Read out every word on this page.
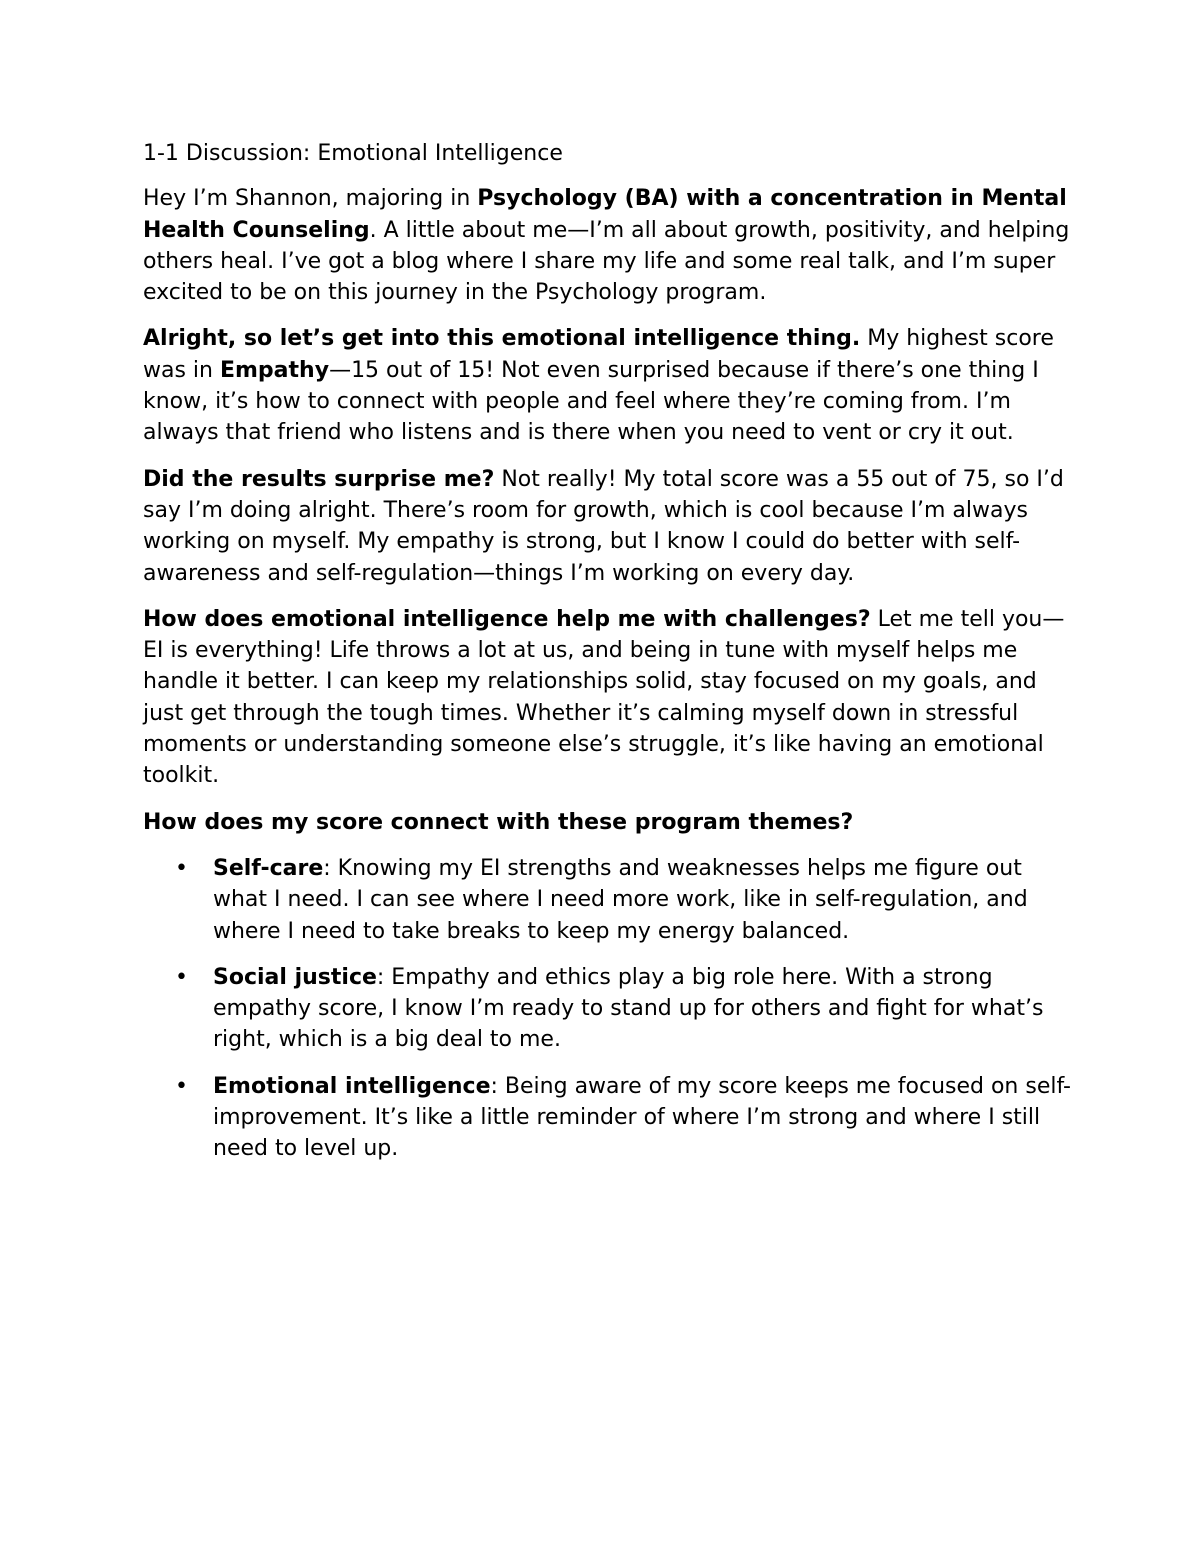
1-1 Discussion: Emotional Intelligence

Hey I’m Shannon, majoring in Psychology (BA) with a concentration in Mental Health Counseling. A little about me—I’m all about growth, positivity, and helping others heal. I’ve got a blog where I share my life and some real talk, and I’m super excited to be on this journey in the Psychology program.

Alright, so let’s get into this emotional intelligence thing. My highest score was in Empathy—15 out of 15! Not even surprised because if there’s one thing I know, it’s how to connect with people and feel where they’re coming from. I’m always that friend who listens and is there when you need to vent or cry it out.

Did the results surprise me? Not really! My total score was a 55 out of 75, so I’d say I’m doing alright. There’s room for growth, which is cool because I’m always working on myself. My empathy is strong, but I know I could do better with self-awareness and self-regulation—things I’m working on every day.

How does emotional intelligence help me with challenges? Let me tell you—EI is everything! Life throws a lot at us, and being in tune with myself helps me handle it better. I can keep my relationships solid, stay focused on my goals, and just get through the tough times. Whether it’s calming myself down in stressful moments or understanding someone else’s struggle, it’s like having an emotional toolkit.

How does my score connect with these program themes?

• Self-care: Knowing my EI strengths and weaknesses helps me figure out what I need. I can see where I need more work, like in self-regulation, and where I need to take breaks to keep my energy balanced.
• Social justice: Empathy and ethics play a big role here. With a strong empathy score, I know I’m ready to stand up for others and fight for what’s right, which is a big deal to me.
• Emotional intelligence: Being aware of my score keeps me focused on self-improvement. It’s like a little reminder of where I’m strong and where I still need to level up.
